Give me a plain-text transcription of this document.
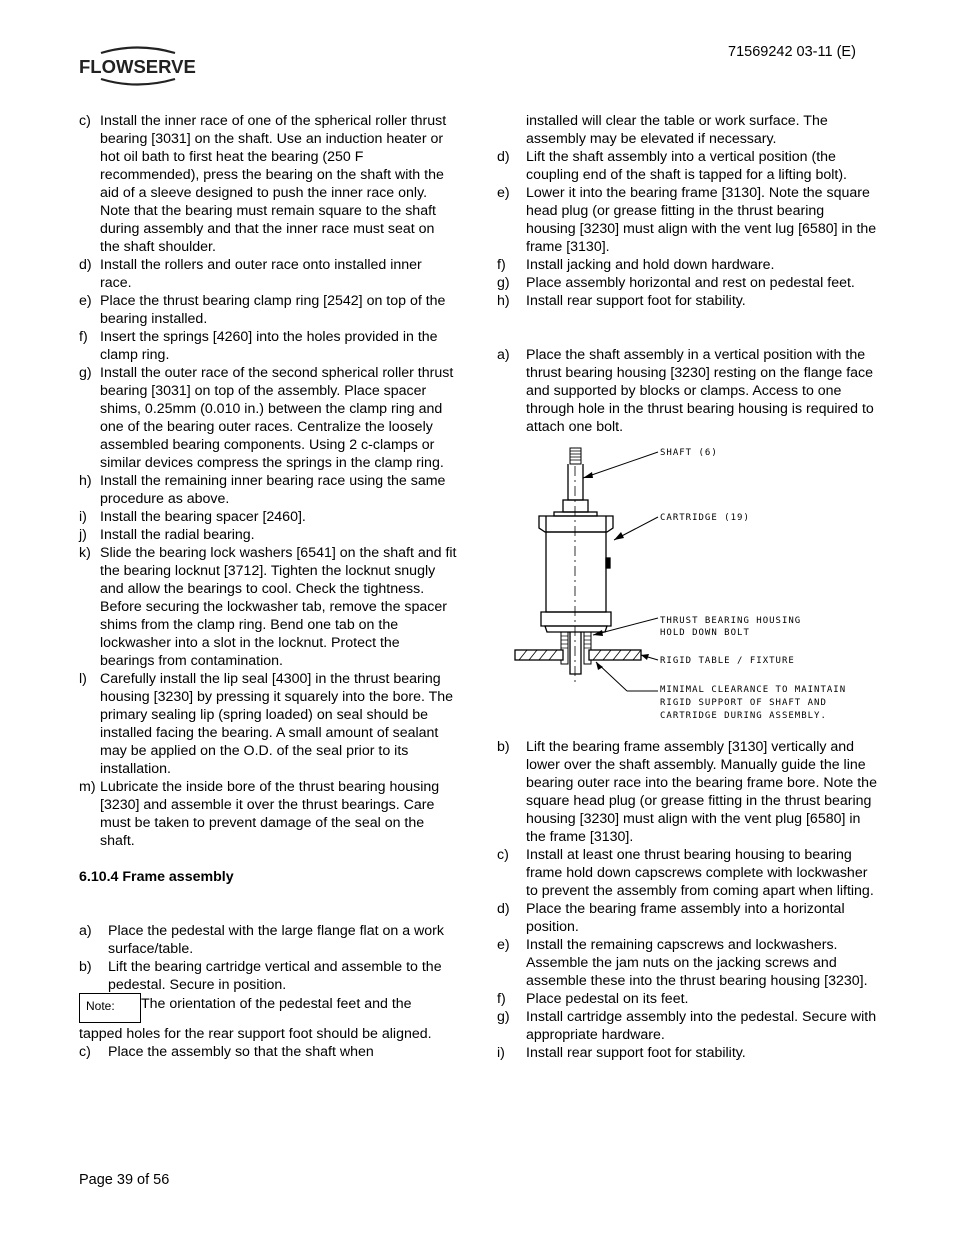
FLOWSERVE
71569242 03-11 (E)
c) Install the inner race of one of the spherical roller thrust bearing [3031] on the shaft. Use an induction heater or hot oil bath to first heat the bearing (250 F recommended), press the bearing on the shaft with the aid of a sleeve designed to push the inner race only. Note that the bearing must remain square to the shaft during assembly and that the inner race must seat on the shaft shoulder.
d) Install the rollers and outer race onto installed inner race.
e) Place the thrust bearing clamp ring [2542] on top of the bearing installed.
f) Insert the springs [4260] into the holes provided in the clamp ring.
g) Install the outer race of the second spherical roller thrust bearing [3031] on top of the assembly. Place spacer shims, 0.25mm (0.010 in.) between the clamp ring and one of the bearing outer races. Centralize the loosely assembled bearing components. Using 2 c-clamps or similar devices compress the springs in the clamp ring.
h) Install the remaining inner bearing race using the same procedure as above.
i) Install the bearing spacer [2460].
j) Install the radial bearing.
k) Slide the bearing lock washers [6541] on the shaft and fit the bearing locknut [3712]. Tighten the locknut snugly and allow the bearings to cool. Check the tightness. Before securing the lockwasher tab, remove the spacer shims from the clamp ring. Bend one tab on the lockwasher into a slot in the locknut. Protect the bearings from contamination.
l) Carefully install the lip seal [4300] in the thrust bearing housing [3230] by pressing it squarely into the bore. The primary sealing lip (spring loaded) on seal should be installed facing the bearing. A small amount of sealant may be applied on the O.D. of the seal prior to its installation.
m) Lubricate the inside bore of the thrust bearing housing [3230] and assemble it over the thrust bearings. Care must be taken to prevent damage of the seal on the shaft.
6.10.4 Frame assembly
a) Place the pedestal with the large flange flat on a work surface/table.
b) Lift the bearing cartridge vertical and assemble to the pedestal. Secure in position.
Note: The orientation of the pedestal feet and the tapped holes for the rear support foot should be aligned.
c) Place the assembly so that the shaft when
installed will clear the table or work surface. The assembly may be elevated if necessary.
d) Lift the shaft assembly into a vertical position (the coupling end of the shaft is tapped for a lifting bolt).
e) Lower it into the bearing frame [3130]. Note the square head plug (or grease fitting in the thrust bearing housing [3230] must align with the vent lug [6580] in the frame [3130].
f) Install jacking and hold down hardware.
g) Place assembly horizontal and rest on pedestal feet.
h) Install rear support foot for stability.
a) Place the shaft assembly in a vertical position with the thrust bearing housing [3230] resting on the flange face and supported by blocks or clamps. Access to one through hole in the thrust bearing housing is required to attach one bolt.
SHAFT (6)
CARTRIDGE (19)
THRUST BEARING HOUSING
HOLD DOWN BOLT
RIGID TABLE / FIXTURE
MINIMAL CLEARANCE TO MAINTAIN
RIGID SUPPORT OF SHAFT AND
CARTRIDGE DURING ASSEMBLY.
b) Lift the bearing frame assembly [3130] vertically and lower over the shaft assembly. Manually guide the line bearing outer race into the bearing frame bore. Note the square head plug (or grease fitting in the thrust bearing housing [3230] must align with the vent plug [6580] in the frame [3130].
c) Install at least one thrust bearing housing to bearing frame hold down capscrews complete with lockwasher to prevent the assembly from coming apart when lifting.
d) Place the bearing frame assembly into a horizontal position.
e) Install the remaining capscrews and lockwashers. Assemble the jam nuts on the jacking screws and assemble these into the thrust bearing housing [3230].
f) Place pedestal on its feet.
g) Install cartridge assembly into the pedestal. Secure with appropriate hardware.
i) Install rear support foot for stability.
Page 39 of 56
